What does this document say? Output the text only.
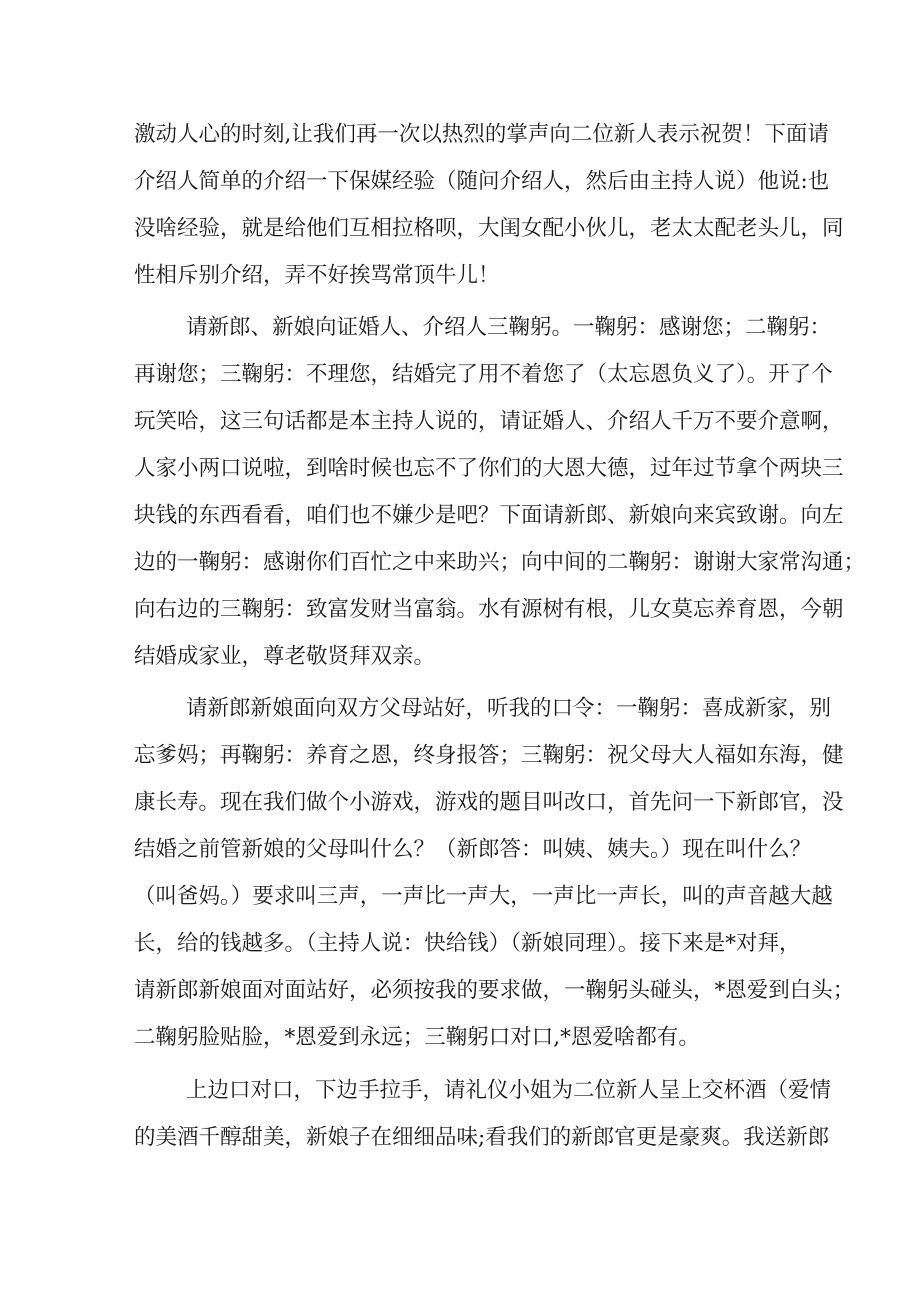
激动人心的时刻,让我们再一次以热烈的掌声向二位新人表示祝贺！下面请
介绍人简单的介绍一下保媒经验（随问介绍人，然后由主持人说）他说:也
没啥经验，就是给他们互相拉格呗，大闺女配小伙儿，老太太配老头儿，同
性相斥别介绍，弄不好挨骂常顶牛儿！
请新郎、新娘向证婚人、介绍人三鞠躬。一鞠躬：感谢您；二鞠躬：
再谢您；三鞠躬：不理您，结婚完了用不着您了（太忘恩负义了）。开了个
玩笑哈，这三句话都是本主持人说的，请证婚人、介绍人千万不要介意啊，
人家小两口说啦，到啥时候也忘不了你们的大恩大德，过年过节拿个两块三
块钱的东西看看，咱们也不嫌少是吧？下面请新郎、新娘向来宾致谢。向左
边的一鞠躬：感谢你们百忙之中来助兴；向中间的二鞠躬：谢谢大家常沟通；
向右边的三鞠躬：致富发财当富翁。水有源树有根，儿女莫忘养育恩，今朝
结婚成家业，尊老敬贤拜双亲。
请新郎新娘面向双方父母站好，听我的口令：一鞠躬：喜成新家，别
忘爹妈；再鞠躬：养育之恩，终身报答；三鞠躬：祝父母大人福如东海，健
康长寿。现在我们做个小游戏，游戏的题目叫改口，首先问一下新郎官，没
结婚之前管新娘的父母叫什么？（新郎答：叫姨、姨夫。）现在叫什么？
（叫爸妈。）要求叫三声，一声比一声大，一声比一声长，叫的声音越大越
长，给的钱越多。（主持人说：快给钱）（新娘同理）。接下来是*对拜，
请新郎新娘面对面站好，必须按我的要求做，一鞠躬头碰头，*恩爱到白头；
二鞠躬脸贴脸，*恩爱到永远；三鞠躬口对口,*恩爱啥都有。
上边口对口，下边手拉手，请礼仪小姐为二位新人呈上交杯酒（爱情
的美酒千醇甜美，新娘子在细细品味;看我们的新郎官更是豪爽。我送新郎
